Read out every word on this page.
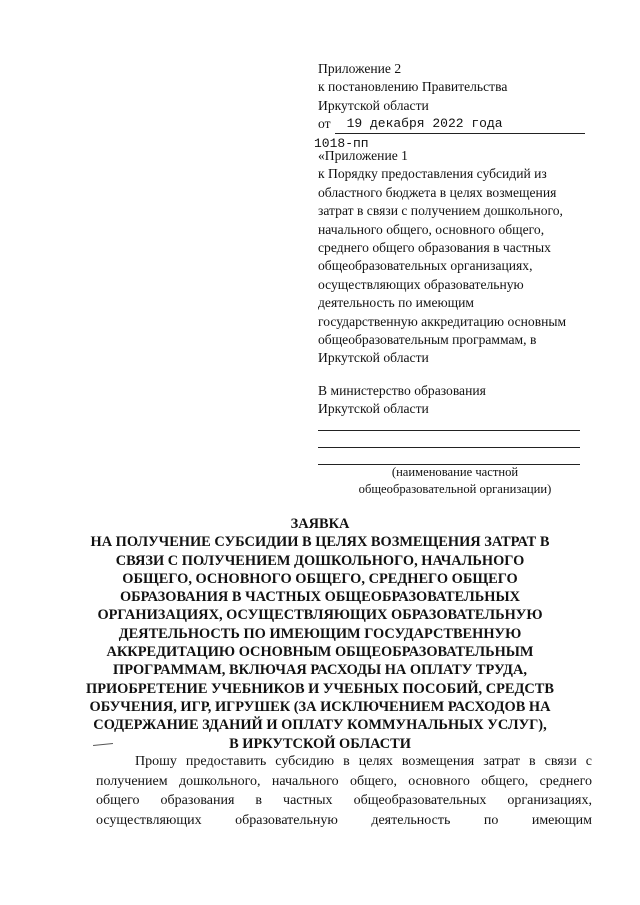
Приложение 2
к постановлению Правительства
Иркутской области
от 19 декабря 2022 года
1018-пп

«Приложение 1

к Порядку предоставления субсидий из

областного бюджета в целях возмещения

затрат в связи с получением дошкольного,

начального общего, основного общего,

среднего общего образования в частных

общеобразовательных организациях,

осуществляющих образовательную

деятельность по имеющим

государственную аккредитацию основным

общеобразовательным программам, в

Иркутской области

В министерство образования
Иркутской области
(наименование частной
общеобразовательной организации)
ЗАЯВКА
НА ПОЛУЧЕНИЕ СУБСИДИИ В ЦЕЛЯХ ВОЗМЕЩЕНИЯ ЗАТРАТ В
СВЯЗИ С ПОЛУЧЕНИЕМ ДОШКОЛЬНОГО, НАЧАЛЬНОГО
ОБЩЕГО, ОСНОВНОГО ОБЩЕГО, СРЕДНЕГО ОБЩЕГО
ОБРАЗОВАНИЯ В ЧАСТНЫХ ОБЩЕОБРАЗОВАТЕЛЬНЫХ
ОРГАНИЗАЦИЯХ, ОСУЩЕСТВЛЯЮЩИХ ОБРАЗОВАТЕЛЬНУЮ
ДЕЯТЕЛЬНОСТЬ ПО ИМЕЮЩИМ ГОСУДАРСТВЕННУЮ
АККРЕДИТАЦИЮ ОСНОВНЫМ ОБЩЕОБРАЗОВАТЕЛЬНЫМ
ПРОГРАММАМ, ВКЛЮЧАЯ РАСХОДЫ НА ОПЛАТУ ТРУДА,
ПРИОБРЕТЕНИЕ УЧЕБНИКОВ И УЧЕБНЫХ ПОСОБИЙ, СРЕДСТВ
ОБУЧЕНИЯ, ИГР, ИГРУШЕК (ЗА ИСКЛЮЧЕНИЕМ РАСХОДОВ НА
СОДЕРЖАНИЕ ЗДАНИЙ И ОПЛАТУ КОММУНАЛЬНЫХ УСЛУГ),
В ИРКУТСКОЙ ОБЛАСТИ
Прошу предоставить субсидию в целях возмещения затрат в связи с
получением дошкольного, начального общего, основного общего, среднего
общего образования в частных общеобразовательных организациях,
осуществляющих образовательную деятельность по имеющим
